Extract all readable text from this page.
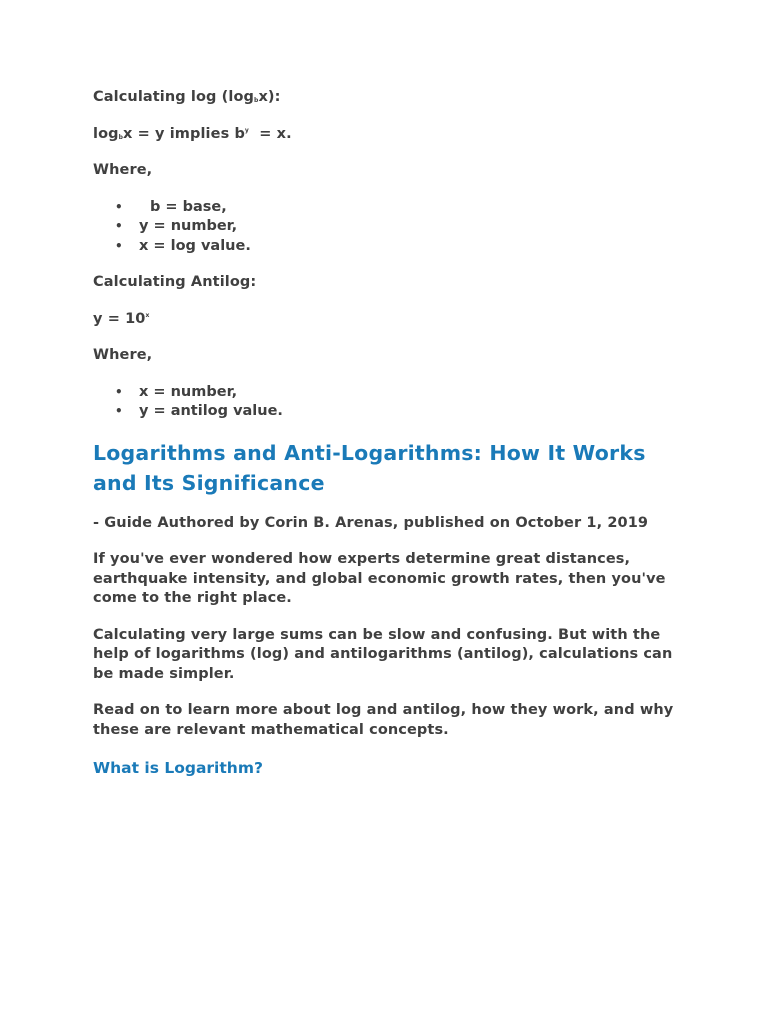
Calculating $\log (\log_bx)$:

$\log_bx = y$ implies $b^y = x$.

Where,

• b = base,
• y = number,
• x = log value.

Calculating Antilog:

$y = 10^x$

Where,

• x = number,
• y = antilog value.
Logarithms and Anti-Logarithms: How It Works and Its Significance

- Guide Authored by Corin B. Arenas, published on October 1, 2019

If you've ever wondered how experts determine great distances, earthquake intensity, and global economic growth rates, then you've come to the right place.

Calculating very large sums can be slow and confusing. But with the help of logarithms (log) and antilogarithms (antilog), calculations can be made simpler.

Read on to learn more about log and antilog, how they work, and why these are relevant mathematical concepts.

What is Logarithm?
